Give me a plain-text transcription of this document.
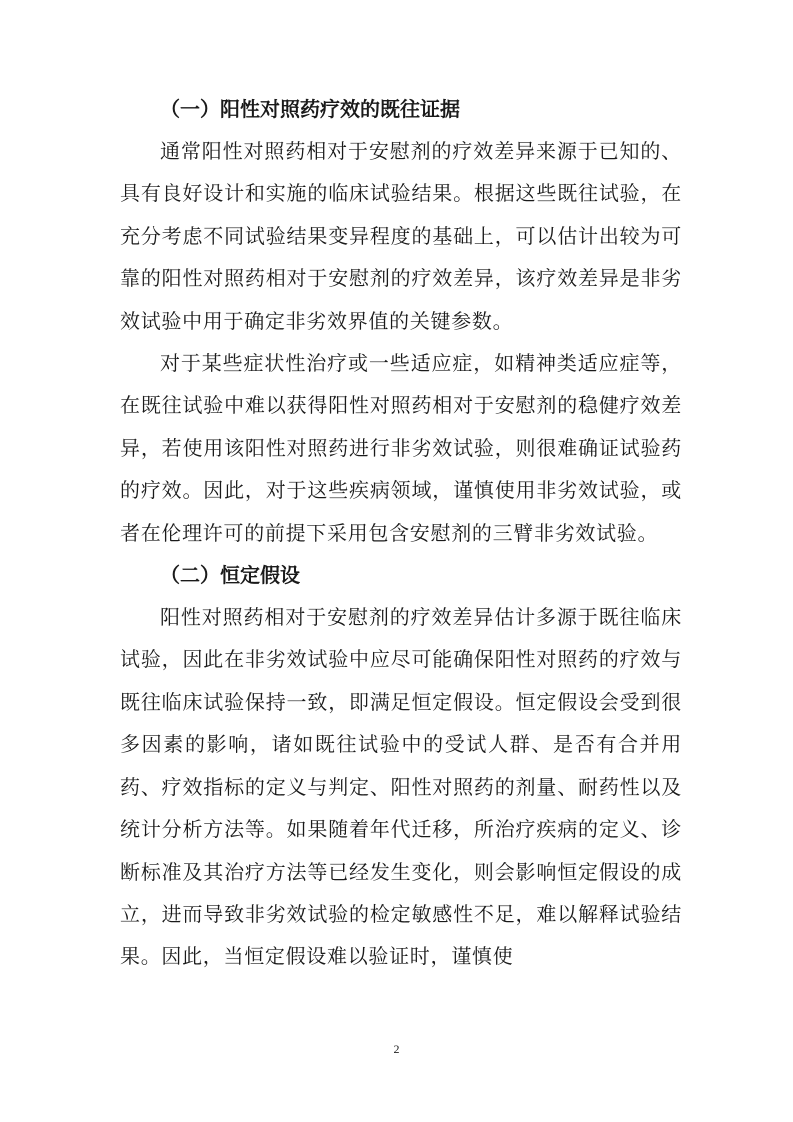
（一）阳性对照药疗效的既往证据

通常阳性对照药相对于安慰剂的疗效差异来源于已知的、具有良好设计和实施的临床试验结果。根据这些既往试验，在充分考虑不同试验结果变异程度的基础上，可以估计出较为可靠的阳性对照药相对于安慰剂的疗效差异，该疗效差异是非劣效试验中用于确定非劣效界值的关键参数。

对于某些症状性治疗或一些适应症，如精神类适应症等，在既往试验中难以获得阳性对照药相对于安慰剂的稳健疗效差异，若使用该阳性对照药进行非劣效试验，则很难确证试验药的疗效。因此，对于这些疾病领域，谨慎使用非劣效试验，或者在伦理许可的前提下采用包含安慰剂的三臂非劣效试验。

（二）恒定假设

阳性对照药相对于安慰剂的疗效差异估计多源于既往临床试验，因此在非劣效试验中应尽可能确保阳性对照药的疗效与既往临床试验保持一致，即满足恒定假设。恒定假设会受到很多因素的影响，诸如既往试验中的受试人群、是否有合并用药、疗效指标的定义与判定、阳性对照药的剂量、耐药性以及统计分析方法等。如果随着年代迁移，所治疗疾病的定义、诊断标准及其治疗方法等已经发生变化，则会影响恒定假设的成立，进而导致非劣效试验的检定敏感性不足，难以解释试验结果。因此，当恒定假设难以验证时，谨慎使

2
